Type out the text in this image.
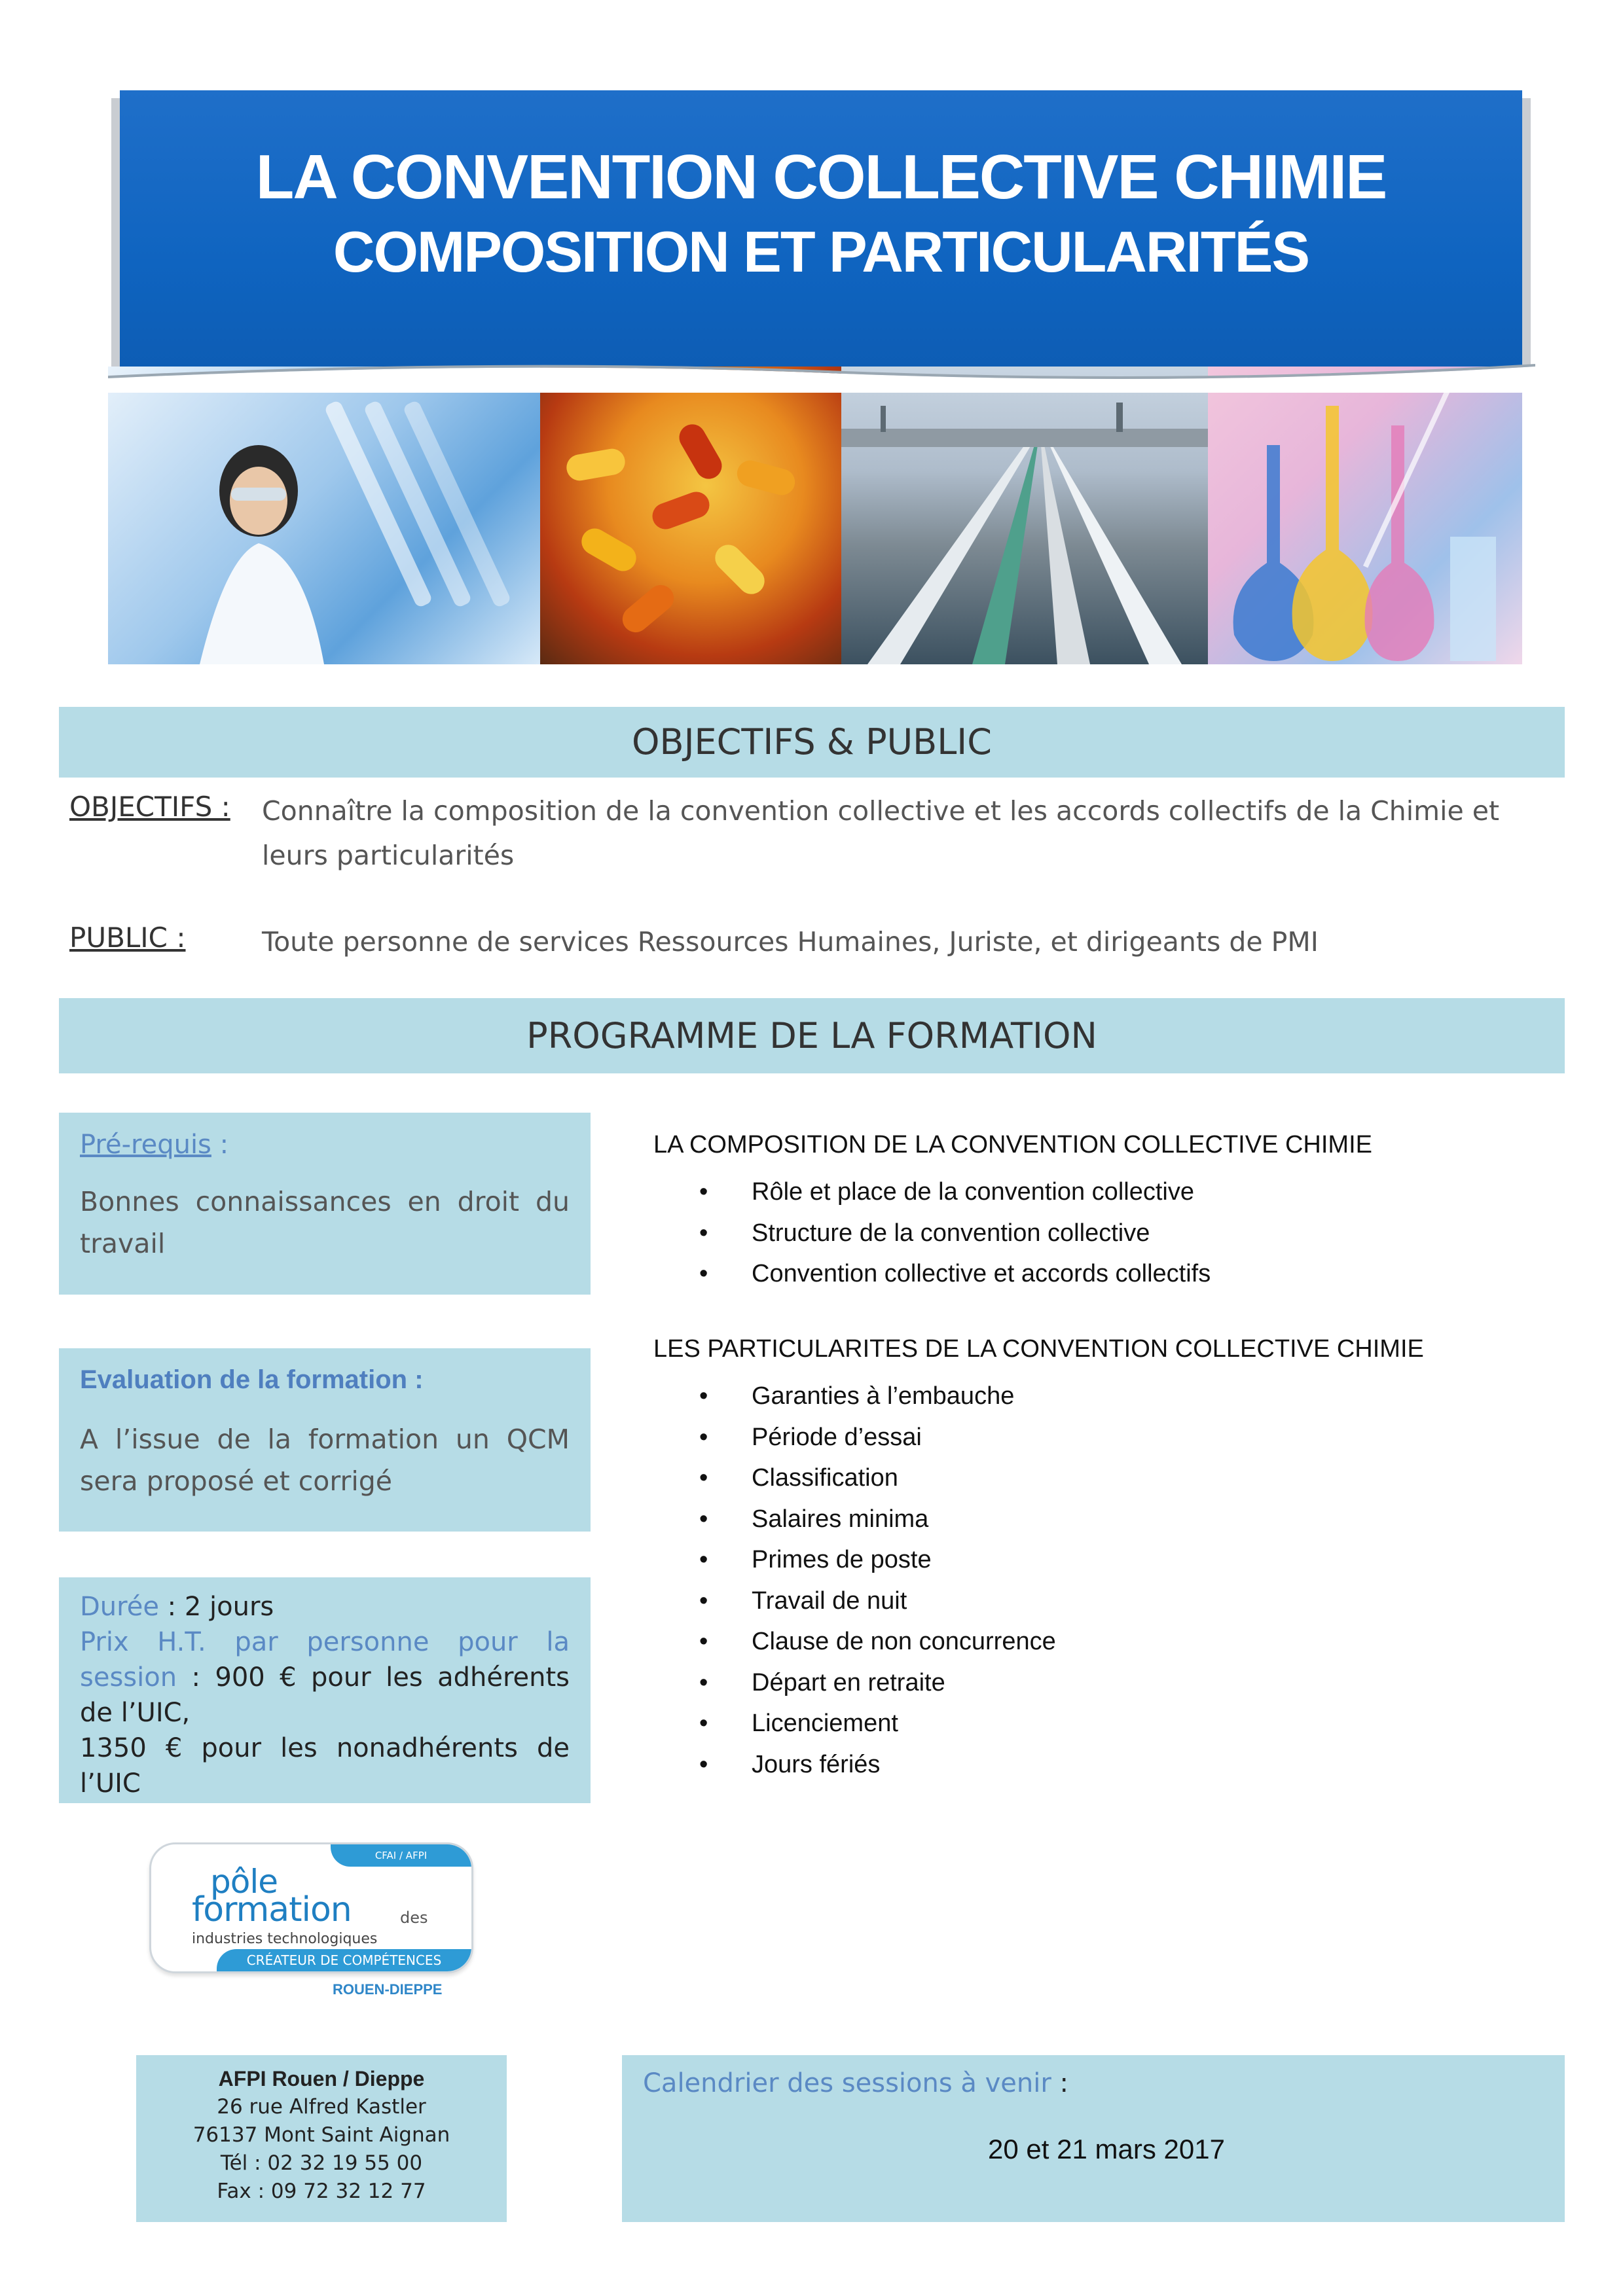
LA CONVENTION COLLECTIVE CHIMIE
COMPOSITION ET PARTICULARITÉS
OBJECTIFS & PUBLIC
OBJECTIFS : Connaître la composition de la convention collective et les accords collectifs de la Chimie et leurs particularités
PUBLIC :	Toute personne de services Ressources Humaines, Juriste, et dirigeants de PMI
PROGRAMME DE LA FORMATION
Pré-requis :
Bonnes connaissances en droit du travail
Evaluation de la formation :
A l’issue de la formation un QCM sera proposé et corrigé
Durée : 2 jours
Prix H.T. par personne pour la session : 900 € pour les adhérents de l’UIC,
1350 € pour les nonadhérents de l’UIC
LA COMPOSITION DE LA CONVENTION COLLECTIVE CHIMIE
• Rôle et place de la convention collective
• Structure de la convention collective
• Convention collective et accords collectifs
LES PARTICULARITES DE LA CONVENTION COLLECTIVE CHIMIE
• Garanties à l’embauche
• Période d’essai
• Classification
• Salaires minima
• Primes de poste
• Travail de nuit
• Clause de non concurrence
• Départ en retraite
• Licenciement
• Jours fériés
CFAI / AFPI
pôle
formation	des
industries technologiques
CRÉATEUR DE COMPÉTENCES
ROUEN-DIEPPE
AFPI Rouen / Dieppe
26 rue Alfred Kastler
76137 Mont Saint Aignan
Tél : 02 32 19 55 00
Fax : 09 72 32 12 77
Calendrier des sessions à venir :
20 et 21 mars 2017
